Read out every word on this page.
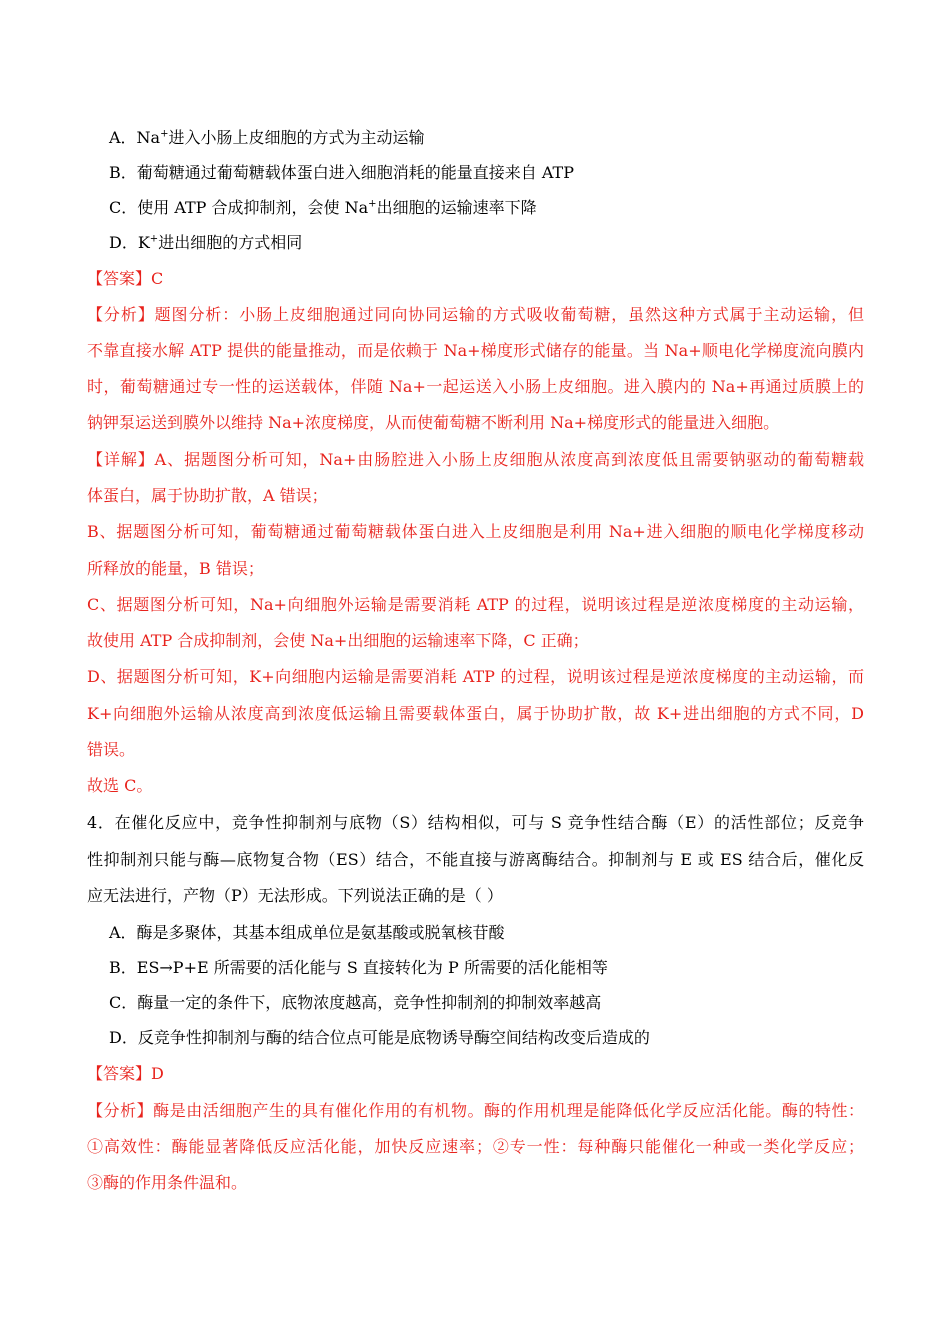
A．Na+进入小肠上皮细胞的方式为主动运输
B．葡萄糖通过葡萄糖载体蛋白进入细胞消耗的能量直接来自 ATP
C．使用 ATP 合成抑制剂，会使 Na+出细胞的运输速率下降
D．K+进出细胞的方式相同
【答案】C
【分析】题图分析：小肠上皮细胞通过同向协同运输的方式吸收葡萄糖，虽然这种方式属于主动运输，但
不靠直接水解 ATP 提供的能量推动，而是依赖于 Na+梯度形式储存的能量。当 Na+顺电化学梯度流向膜内
时，葡萄糖通过专一性的运送载体，伴随 Na+一起运送入小肠上皮细胞。进入膜内的 Na+再通过质膜上的
钠钾泵运送到膜外以维持 Na+浓度梯度，从而使葡萄糖不断利用 Na+梯度形式的能量进入细胞。
【详解】A、据题图分析可知，Na+由肠腔进入小肠上皮细胞从浓度高到浓度低且需要钠驱动的葡萄糖载
体蛋白，属于协助扩散，A 错误；
B、据题图分析可知，葡萄糖通过葡萄糖载体蛋白进入上皮细胞是利用 Na+进入细胞的顺电化学梯度移动
所释放的能量，B 错误；
C、据题图分析可知，Na+向细胞外运输是需要消耗 ATP 的过程，说明该过程是逆浓度梯度的主动运输，
故使用 ATP 合成抑制剂，会使 Na+出细胞的运输速率下降，C 正确；
D、据题图分析可知，K+向细胞内运输是需要消耗 ATP 的过程，说明该过程是逆浓度梯度的主动运输，而
K+向细胞外运输从浓度高到浓度低运输且需要载体蛋白，属于协助扩散，故 K+进出细胞的方式不同，D
错误。
故选 C。
4．在催化反应中，竞争性抑制剂与底物（S）结构相似，可与 S 竞争性结合酶（E）的活性部位；反竞争
性抑制剂只能与酶—底物复合物（ES）结合，不能直接与游离酶结合。抑制剂与 E 或 ES 结合后，催化反
应无法进行，产物（P）无法形成。下列说法正确的是（ ）
A．酶是多聚体，其基本组成单位是氨基酸或脱氧核苷酸
B．ES→P+E 所需要的活化能与 S 直接转化为 P 所需要的活化能相等
C．酶量一定的条件下，底物浓度越高，竞争性抑制剂的抑制效率越高
D．反竞争性抑制剂与酶的结合位点可能是底物诱导酶空间结构改变后造成的
【答案】D
【分析】酶是由活细胞产生的具有催化作用的有机物。酶的作用机理是能降低化学反应活化能。酶的特性：
①高效性：酶能显著降低反应活化能，加快反应速率；②专一性：每种酶只能催化一种或一类化学反应；
③酶的作用条件温和。
